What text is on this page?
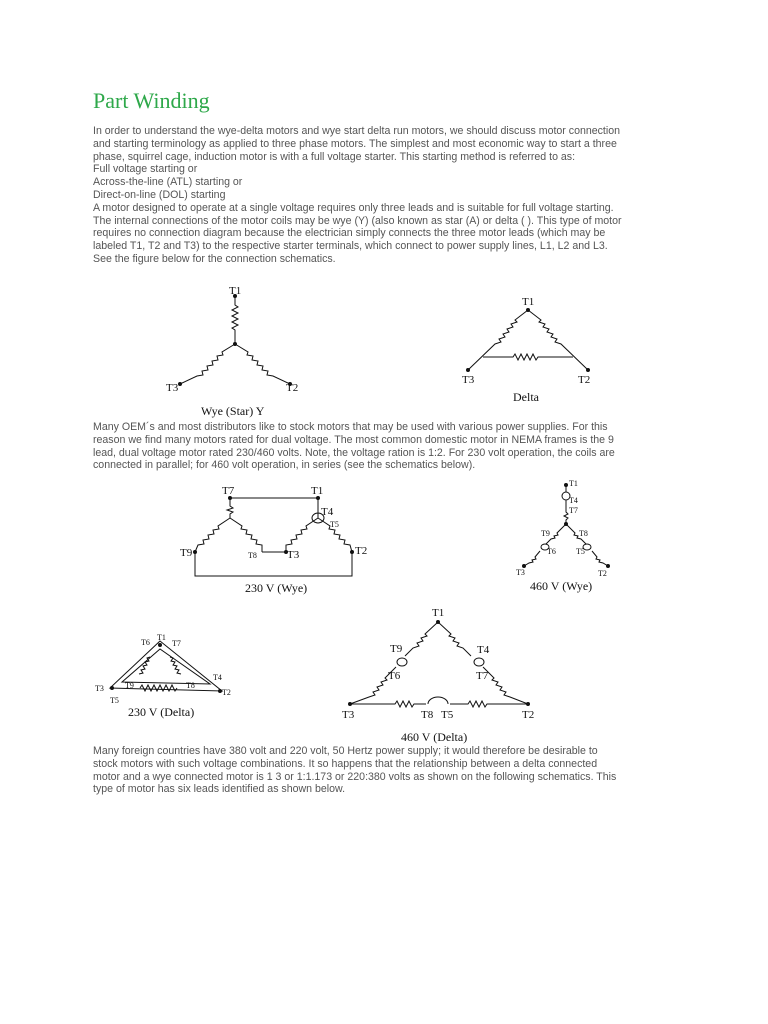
Part Winding
In order to understand the wye-delta motors and wye start delta run motors, we should discuss motor connection
and starting terminology as applied to three phase motors. The simplest and most economic way to start a three
phase, squirrel cage, induction motor is with a full voltage starter. This starting method is referred to as:
Full voltage starting or
Across-the-line (ATL) starting or
Direct-on-line (DOL) starting
A motor designed to operate at a single voltage requires only three leads and is suitable for full voltage starting.
The internal connections of the motor coils may be wye (Y) (also known as star (A) or delta ( ). This type of motor
requires no connection diagram because the electrician simply connects the three motor leads (which may be
labeled T1, T2 and T3) to the respective starter terminals, which connect to power supply lines, L1, L2 and L3.
See the figure below for the connection schematics.
Many OEM´s and most distributors like to stock motors that may be used with various power supplies. For this
reason we find many motors rated for dual voltage. The most common domestic motor in NEMA frames is the 9
lead, dual voltage motor rated 230/460 volts. Note, the voltage ration is 1:2. For 230 volt operation, the coils are
connected in parallel; for 460 volt operation, in series (see the schematics below).
Many foreign countries have 380 volt and 220 volt, 50 Hertz power supply; it would therefore be desirable to
stock motors with such voltage combinations. It so happens that the relationship between a delta connected
motor and a wye connected motor is 1 3 or 1:1.173 or 220:380 volts as shown on the following schematics. This
type of motor has six leads identified as shown below.
T1
T3	T2
Wye (Star) Y
T1
T3	T2
Delta
T7	T1
T4
T5
T9	T8	T3	T2
230 V (Wye)
T1
T4
T7
T9	T8
T6	T5
T3	T2
460 V (Wye)
T1
T6	T7
T4
T3	T9	T8
T2
T5
230 V (Delta)
T1
T9
T6
T4
T7
T3	T8 T5	T2
460 V (Delta)
